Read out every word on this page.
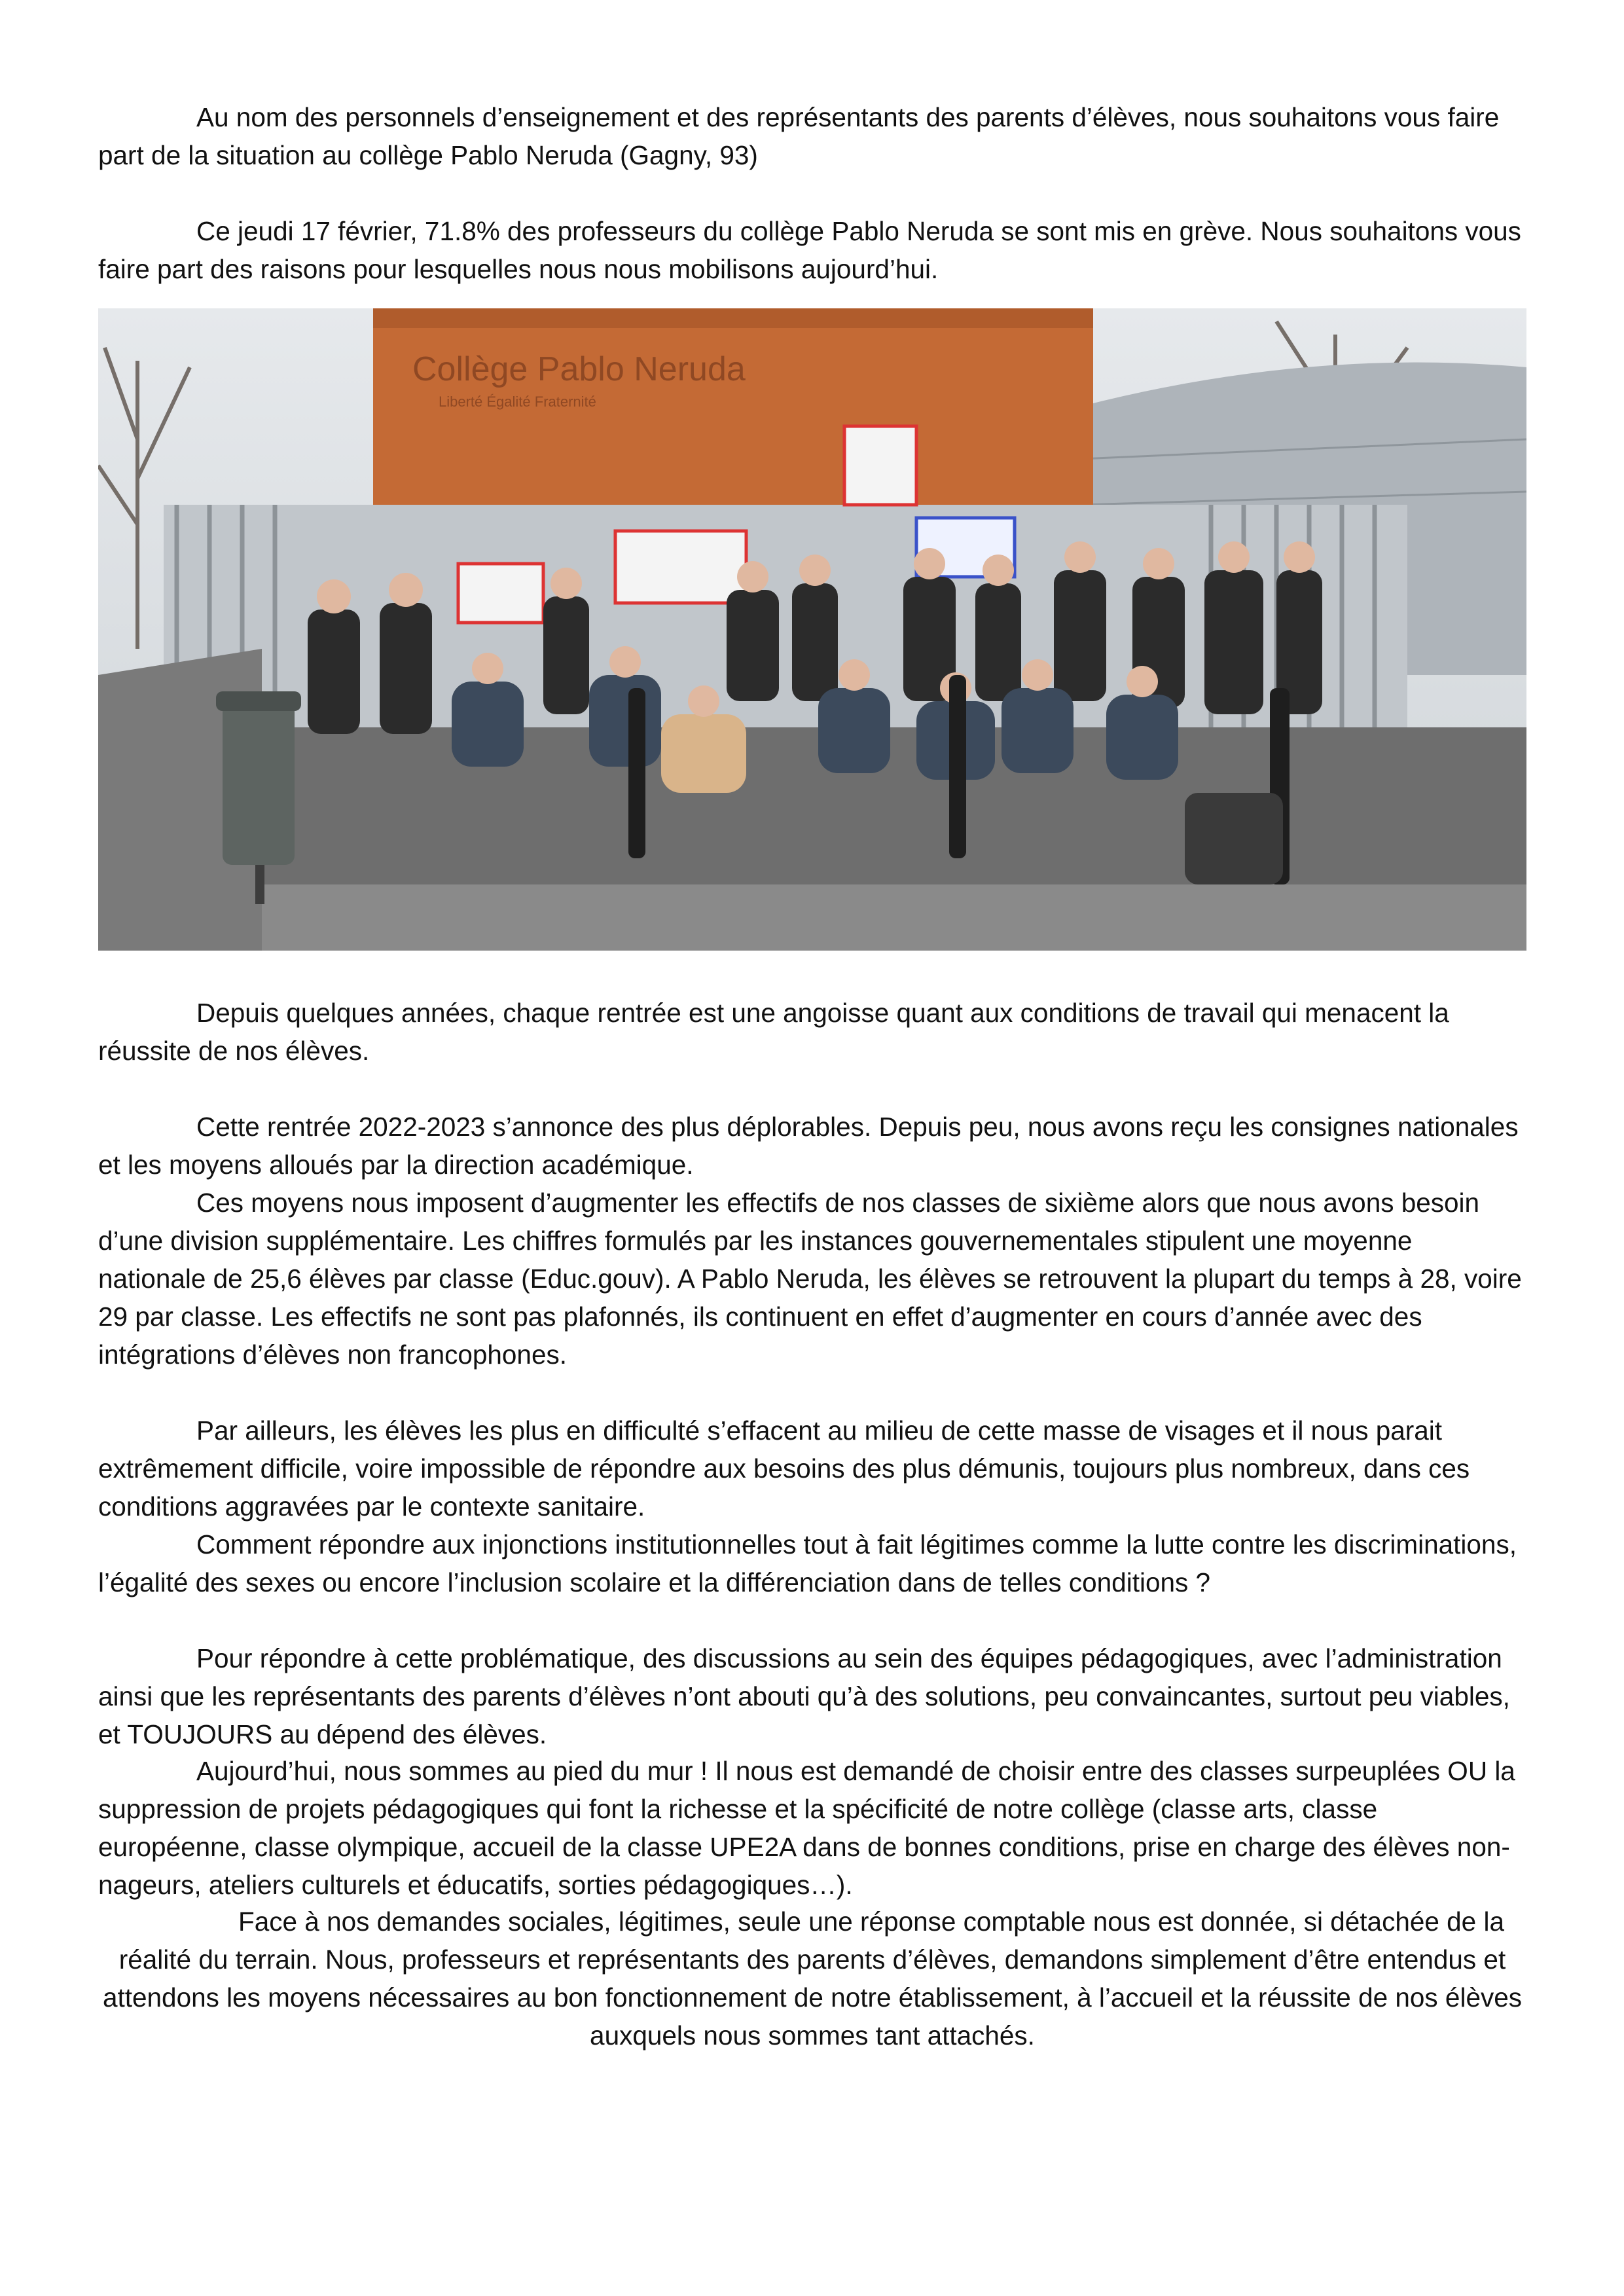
Au nom des personnels d’enseignement et des représentants des parents d’élèves, nous souhaitons vous faire part de la situation au collège Pablo Neruda (Gagny, 93)

Ce jeudi 17 février, 71.8% des professeurs du collège Pablo Neruda se sont mis en grève. Nous souhaitons vous faire part des raisons pour lesquelles nous nous mobilisons aujourd’hui.

Collège Pablo Neruda
Liberté Égalité Fraternité

Depuis quelques années, chaque rentrée est une angoisse quant aux conditions de travail qui menacent la réussite de nos élèves.

Cette rentrée 2022-2023 s’annonce des plus déplorables. Depuis peu, nous avons reçu les consignes nationales et les moyens alloués par la direction académique.

Ces moyens nous imposent d’augmenter les effectifs de nos classes de sixième alors que nous avons besoin d’une division supplémentaire. Les chiffres formulés par les instances gouvernementales stipulent une moyenne nationale de 25,6 élèves par classe (Educ.gouv). A Pablo Neruda, les élèves se retrouvent la plupart du temps à 28, voire 29 par classe. Les effectifs ne sont pas plafonnés, ils continuent en effet d’augmenter en cours d’année avec des intégrations d’élèves non francophones.

Par ailleurs, les élèves les plus en difficulté s’effacent au milieu de cette masse de visages et il nous parait extrêmement difficile, voire impossible de répondre aux besoins des plus démunis, toujours plus nombreux, dans ces conditions aggravées par le contexte sanitaire.

Comment répondre aux injonctions institutionnelles tout à fait légitimes comme la lutte contre les discriminations, l’égalité des sexes ou encore l’inclusion scolaire et la différenciation dans de telles conditions ?

Pour répondre à cette problématique, des discussions au sein des équipes pédagogiques, avec l’administration ainsi que les représentants des parents d’élèves n’ont abouti qu’à des solutions, peu convaincantes, surtout peu viables, et TOUJOURS au dépend des élèves.

Aujourd’hui, nous sommes au pied du mur ! Il nous est demandé de choisir entre des classes surpeuplées OU la suppression de projets pédagogiques qui font la richesse et la spécificité de notre collège (classe arts, classe européenne, classe olympique, accueil de la classe UPE2A dans de bonnes conditions, prise en charge des élèves non-nageurs, ateliers culturels et éducatifs, sorties pédagogiques…).

Face à nos demandes sociales, légitimes, seule une réponse comptable nous est donnée, si détachée de la réalité du terrain. Nous, professeurs et représentants des parents d’élèves, demandons simplement d’être entendus et attendons les moyens nécessaires au bon fonctionnement de notre établissement, à l’accueil et la réussite de nos élèves auxquels nous sommes tant attachés.
